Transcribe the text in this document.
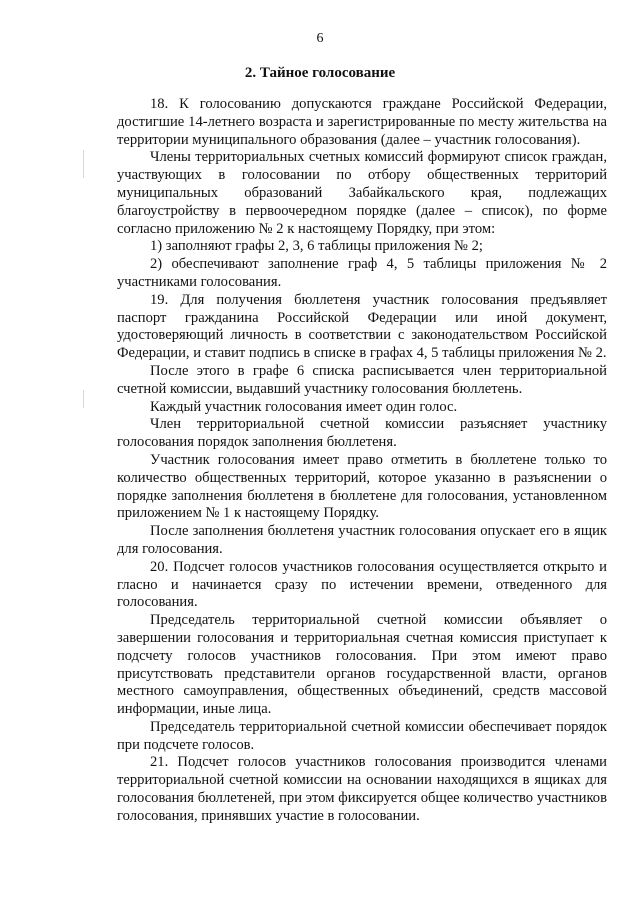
6
2. Тайное голосование

18. К голосованию допускаются граждане Российской Федерации, достигшие 14-летнего возраста и зарегистрированные по месту жительства на территории муниципального образования (далее – участник голосования).

Члены территориальных счетных комиссий формируют список граждан, участвующих в голосовании по отбору общественных территорий муниципальных образований Забайкальского края, подлежащих благоустройству в первоочередном порядке (далее – список), по форме согласно приложению № 2 к настоящему Порядку, при этом:

1) заполняют графы 2, 3, 6 таблицы приложения № 2;

2) обеспечивают заполнение граф 4, 5 таблицы приложения № 2 участниками голосования.

19. Для получения бюллетеня участник голосования предъявляет паспорт гражданина Российской Федерации или иной документ, удостоверяющий личность в соответствии с законодательством Российской Федерации, и ставит подпись в списке в графах 4, 5 таблицы приложения № 2.

После этого в графе 6 списка расписывается член территориальной счетной комиссии, выдавший участнику голосования бюллетень.

Каждый участник голосования имеет один голос.

Член территориальной счетной комиссии разъясняет участнику голосования порядок заполнения бюллетеня.

Участник голосования имеет право отметить в бюллетене только то количество общественных территорий, которое указанно в разъяснении о порядке заполнения бюллетеня в бюллетене для голосования, установленном приложением № 1 к настоящему Порядку.

После заполнения бюллетеня участник голосования опускает его в ящик для голосования.

20. Подсчет голосов участников голосования осуществляется открыто и гласно и начинается сразу по истечении времени, отведенного для голосования.

Председатель территориальной счетной комиссии объявляет о завершении голосования и территориальная счетная комиссия приступает к подсчету голосов участников голосования. При этом имеют право присутствовать представители органов государственной власти, органов местного самоуправления, общественных объединений, средств массовой информации, иные лица.

Председатель территориальной счетной комиссии обеспечивает порядок при подсчете голосов.

21. Подсчет голосов участников голосования производится членами территориальной счетной комиссии на основании находящихся в ящиках для голосования бюллетеней, при этом фиксируется общее количество участников голосования, принявших участие в голосовании.
